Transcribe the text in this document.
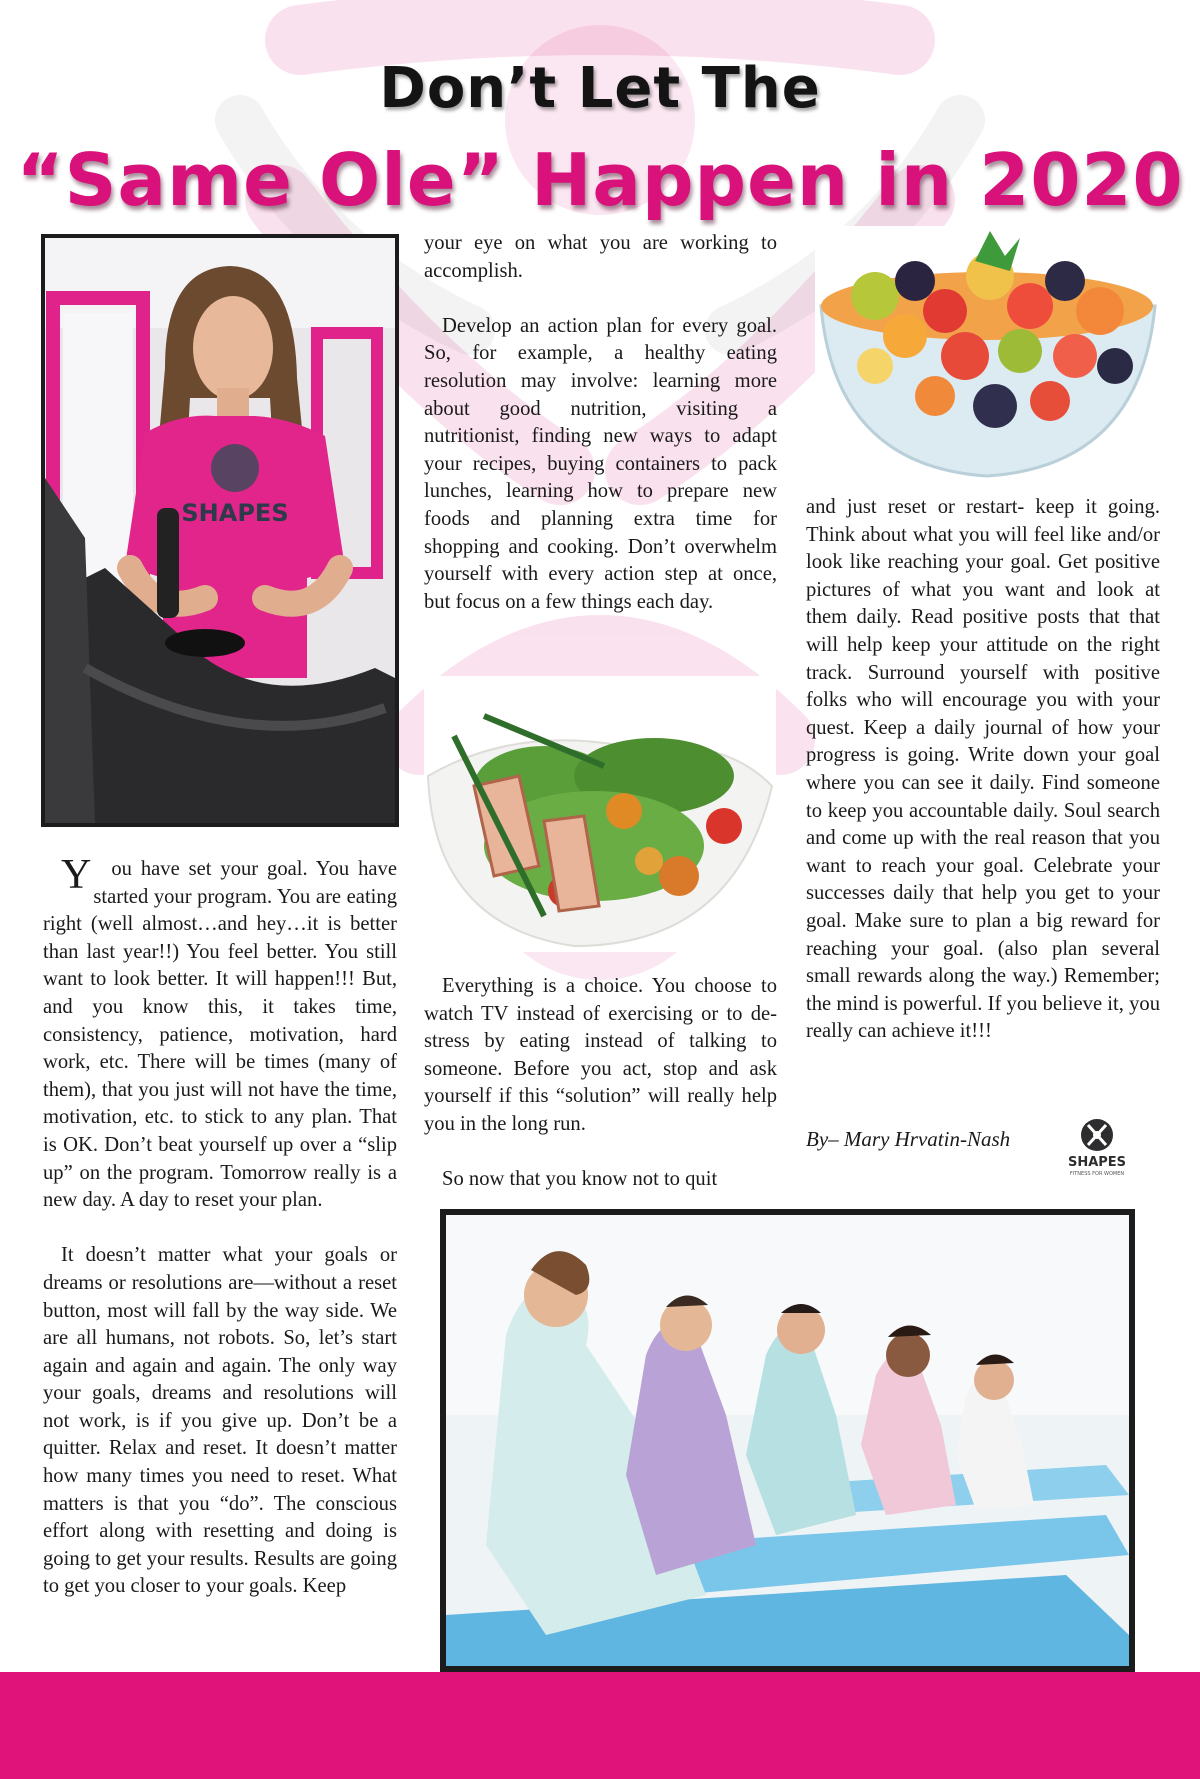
Don’t Let The
“Same Ole” Happen in 2020
SHAPES

You have set your goal. You have started your program. You are eating right (well almost…and hey…it is better than last year!!) You feel better. You still want to look better. It will happen!!! But, and you know this, it takes time, consistency, patience, motivation, hard work, etc. There will be times (many of them), that you just will not have the time, motivation, etc. to stick to any plan. That is OK. Don’t beat yourself up over a “slip up” on the program. Tomorrow really is a new day. A day to reset your plan.

It doesn’t matter what your goals or dreams or resolutions are—without a reset button, most will fall by the way side. We are all humans, not robots. So, let’s start again and again and again. The only way your goals, dreams and resolutions will not work, is if you give up. Don’t be a quitter. Relax and reset. It doesn’t matter how many times you need to reset. What matters is that you “do”. The conscious effort along with resetting and doing is going to get your results. Results are going to get you closer to your goals. Keep

your eye on what you are working to accomplish.

Develop an action plan for every goal. So, for example, a healthy eating resolution may involve: learning more about good nutrition, visiting a nutritionist, finding new ways to adapt your recipes, buying containers to pack lunches, learning how to prepare new foods and planning extra time for shopping and cooking. Don’t overwhelm yourself with every action step at once, but focus on a few things each day.

Everything is a choice. You choose to watch TV instead of exercising or to de-stress by eating instead of talking to someone. Before you act, stop and ask yourself if this “solution” will really help you in the long run.

So now that you know not to quit

and just reset or restart- keep it going. Think about what you will feel like and/or look like reaching your goal. Get positive pictures of what you want and look at them daily. Read positive posts that that will help keep your attitude on the right track. Surround yourself with positive folks who will encourage you with your quest. Keep a daily journal of how your progress is going. Write down your goal where you can see it daily. Find someone to keep you accountable daily. Soul search and come up with the real reason that you want to reach your goal. Celebrate your successes daily that help you get to your goal. Make sure to plan a big reward for reaching your goal. (also plan several small rewards along the way.) Remember; the mind is powerful. If you believe it, you really can achieve it!!!

By– Mary Hrvatin-Nash
SHAPES
FITNESS FOR WOMEN
